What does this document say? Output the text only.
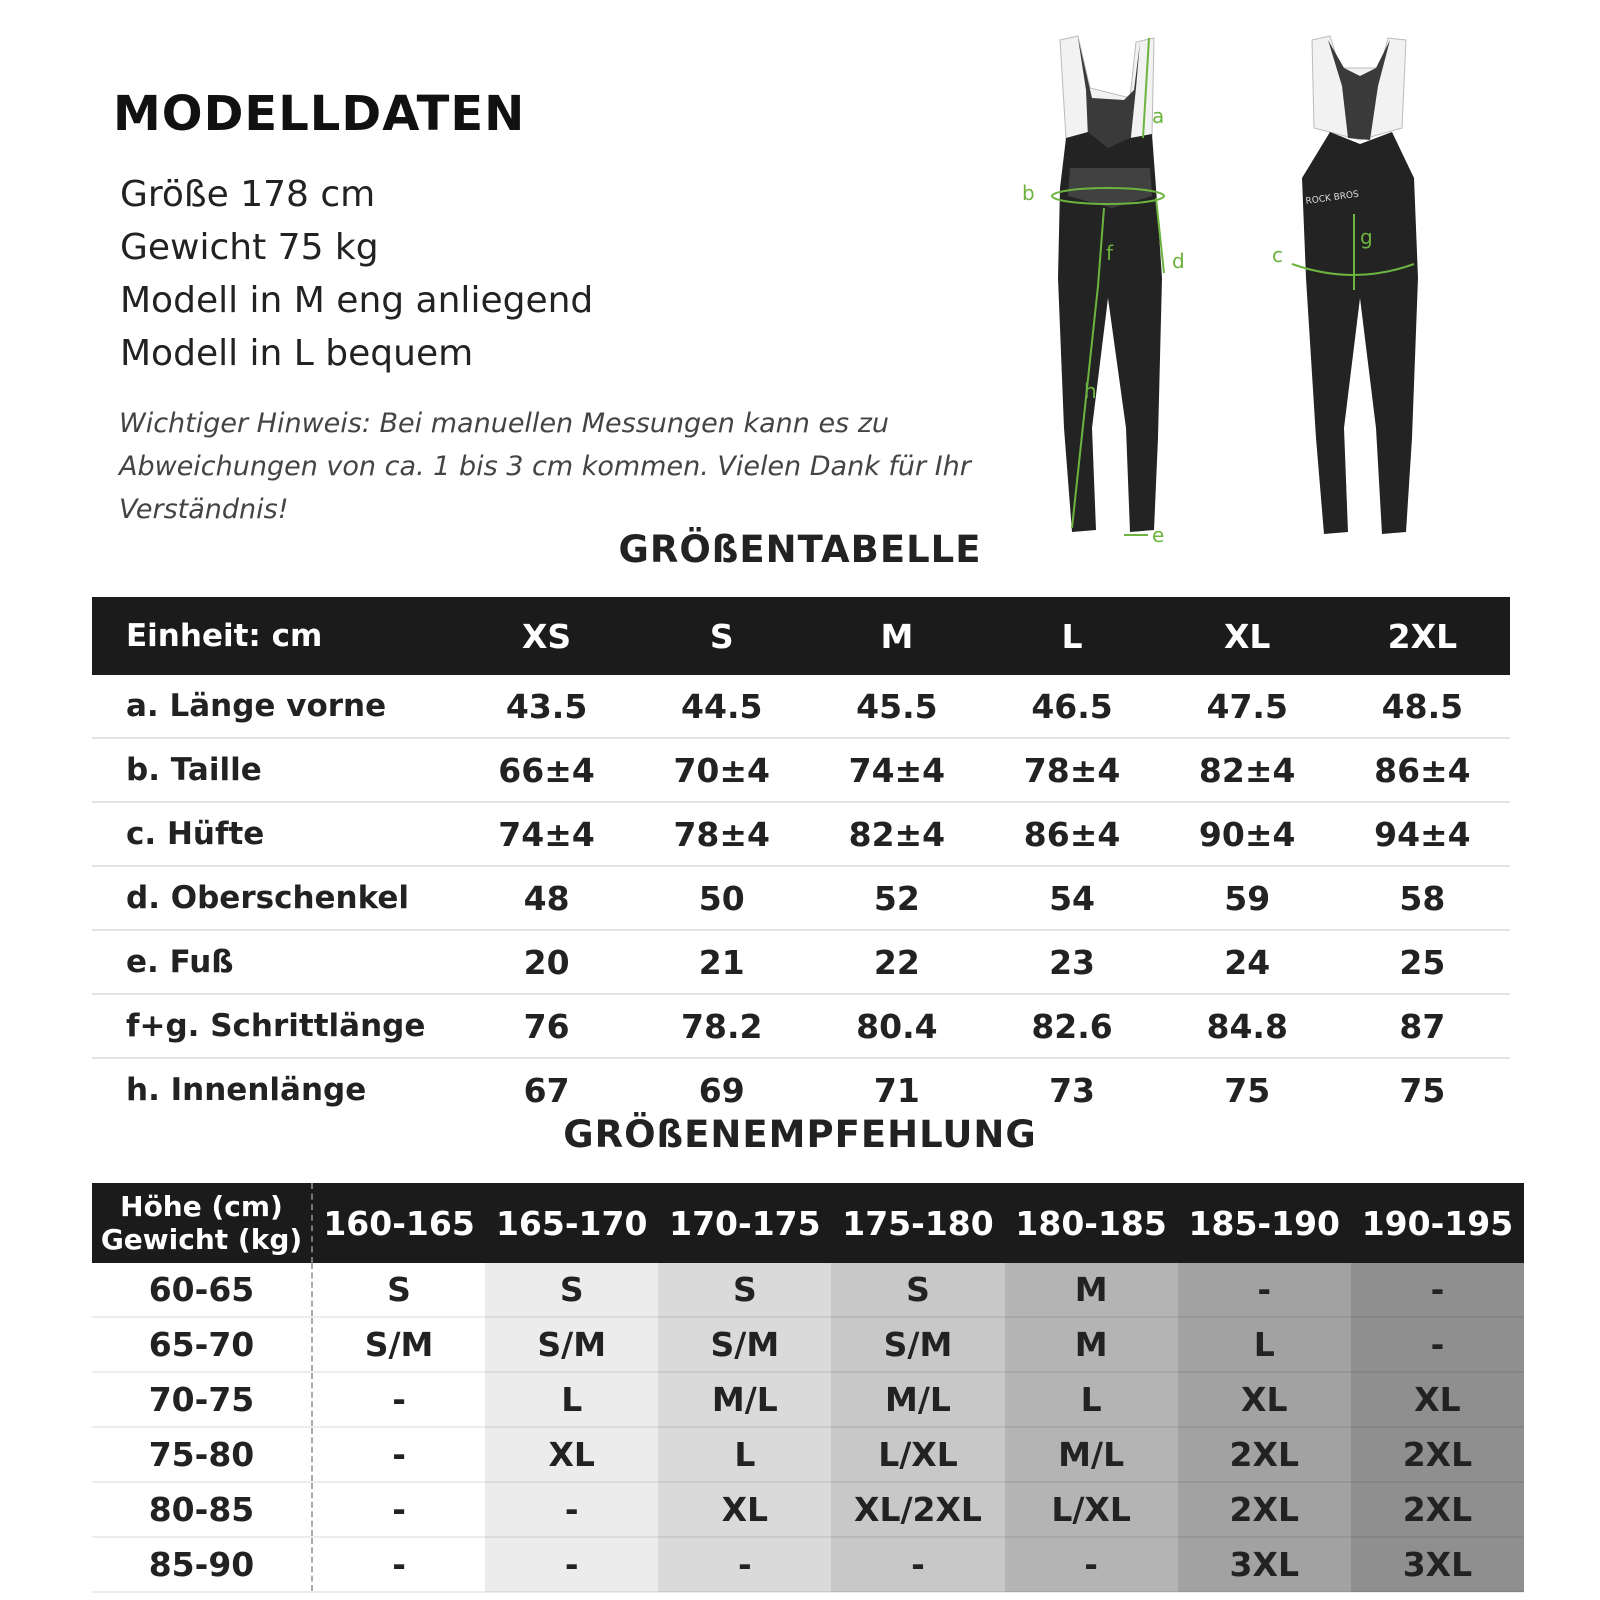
MODELLDATEN
Größe 178 cm
Gewicht 75 kg
Modell in M eng anliegend
Modell in L bequem
Wichtiger Hinweis: Bei manuellen Messungen kann es zu Abweichungen von ca. 1 bis 3 cm kommen. Vielen Dank für Ihr Verständnis!
a
b
d
e
f
h
ROCK BROS
c
g
GRÖßENTABELLE
Einheit: cm	XS	S	M	L	XL	2XL
a. Länge vorne	43.5	44.5	45.5	46.5	47.5	48.5
b. Taille	66±4	70±4	74±4	78±4	82±4	86±4
c. Hüfte	74±4	78±4	82±4	86±4	90±4	94±4
d. Oberschenkel	48	50	52	54	59	58
e. Fuß	20	21	22	23	24	25
f+g. Schrittlänge	76	78.2	80.4	82.6	84.8	87
h. Innenlänge	67	69	71	73	75	75
GRÖßENEMPFEHLUNG
Höhe (cm)
Gewicht (kg)	160-165	165-170	170-175	175-180	180-185	185-190	190-195
60-65	S	S	S	S	M	-	-
65-70	S/M	S/M	S/M	S/M	M	L	-
70-75	-	L	M/L	M/L	L	XL	XL
75-80	-	XL	L	L/XL	M/L	2XL	2XL
80-85	-	-	XL	XL/2XL	L/XL	2XL	2XL
85-90	-	-	-	-	-	3XL	3XL
